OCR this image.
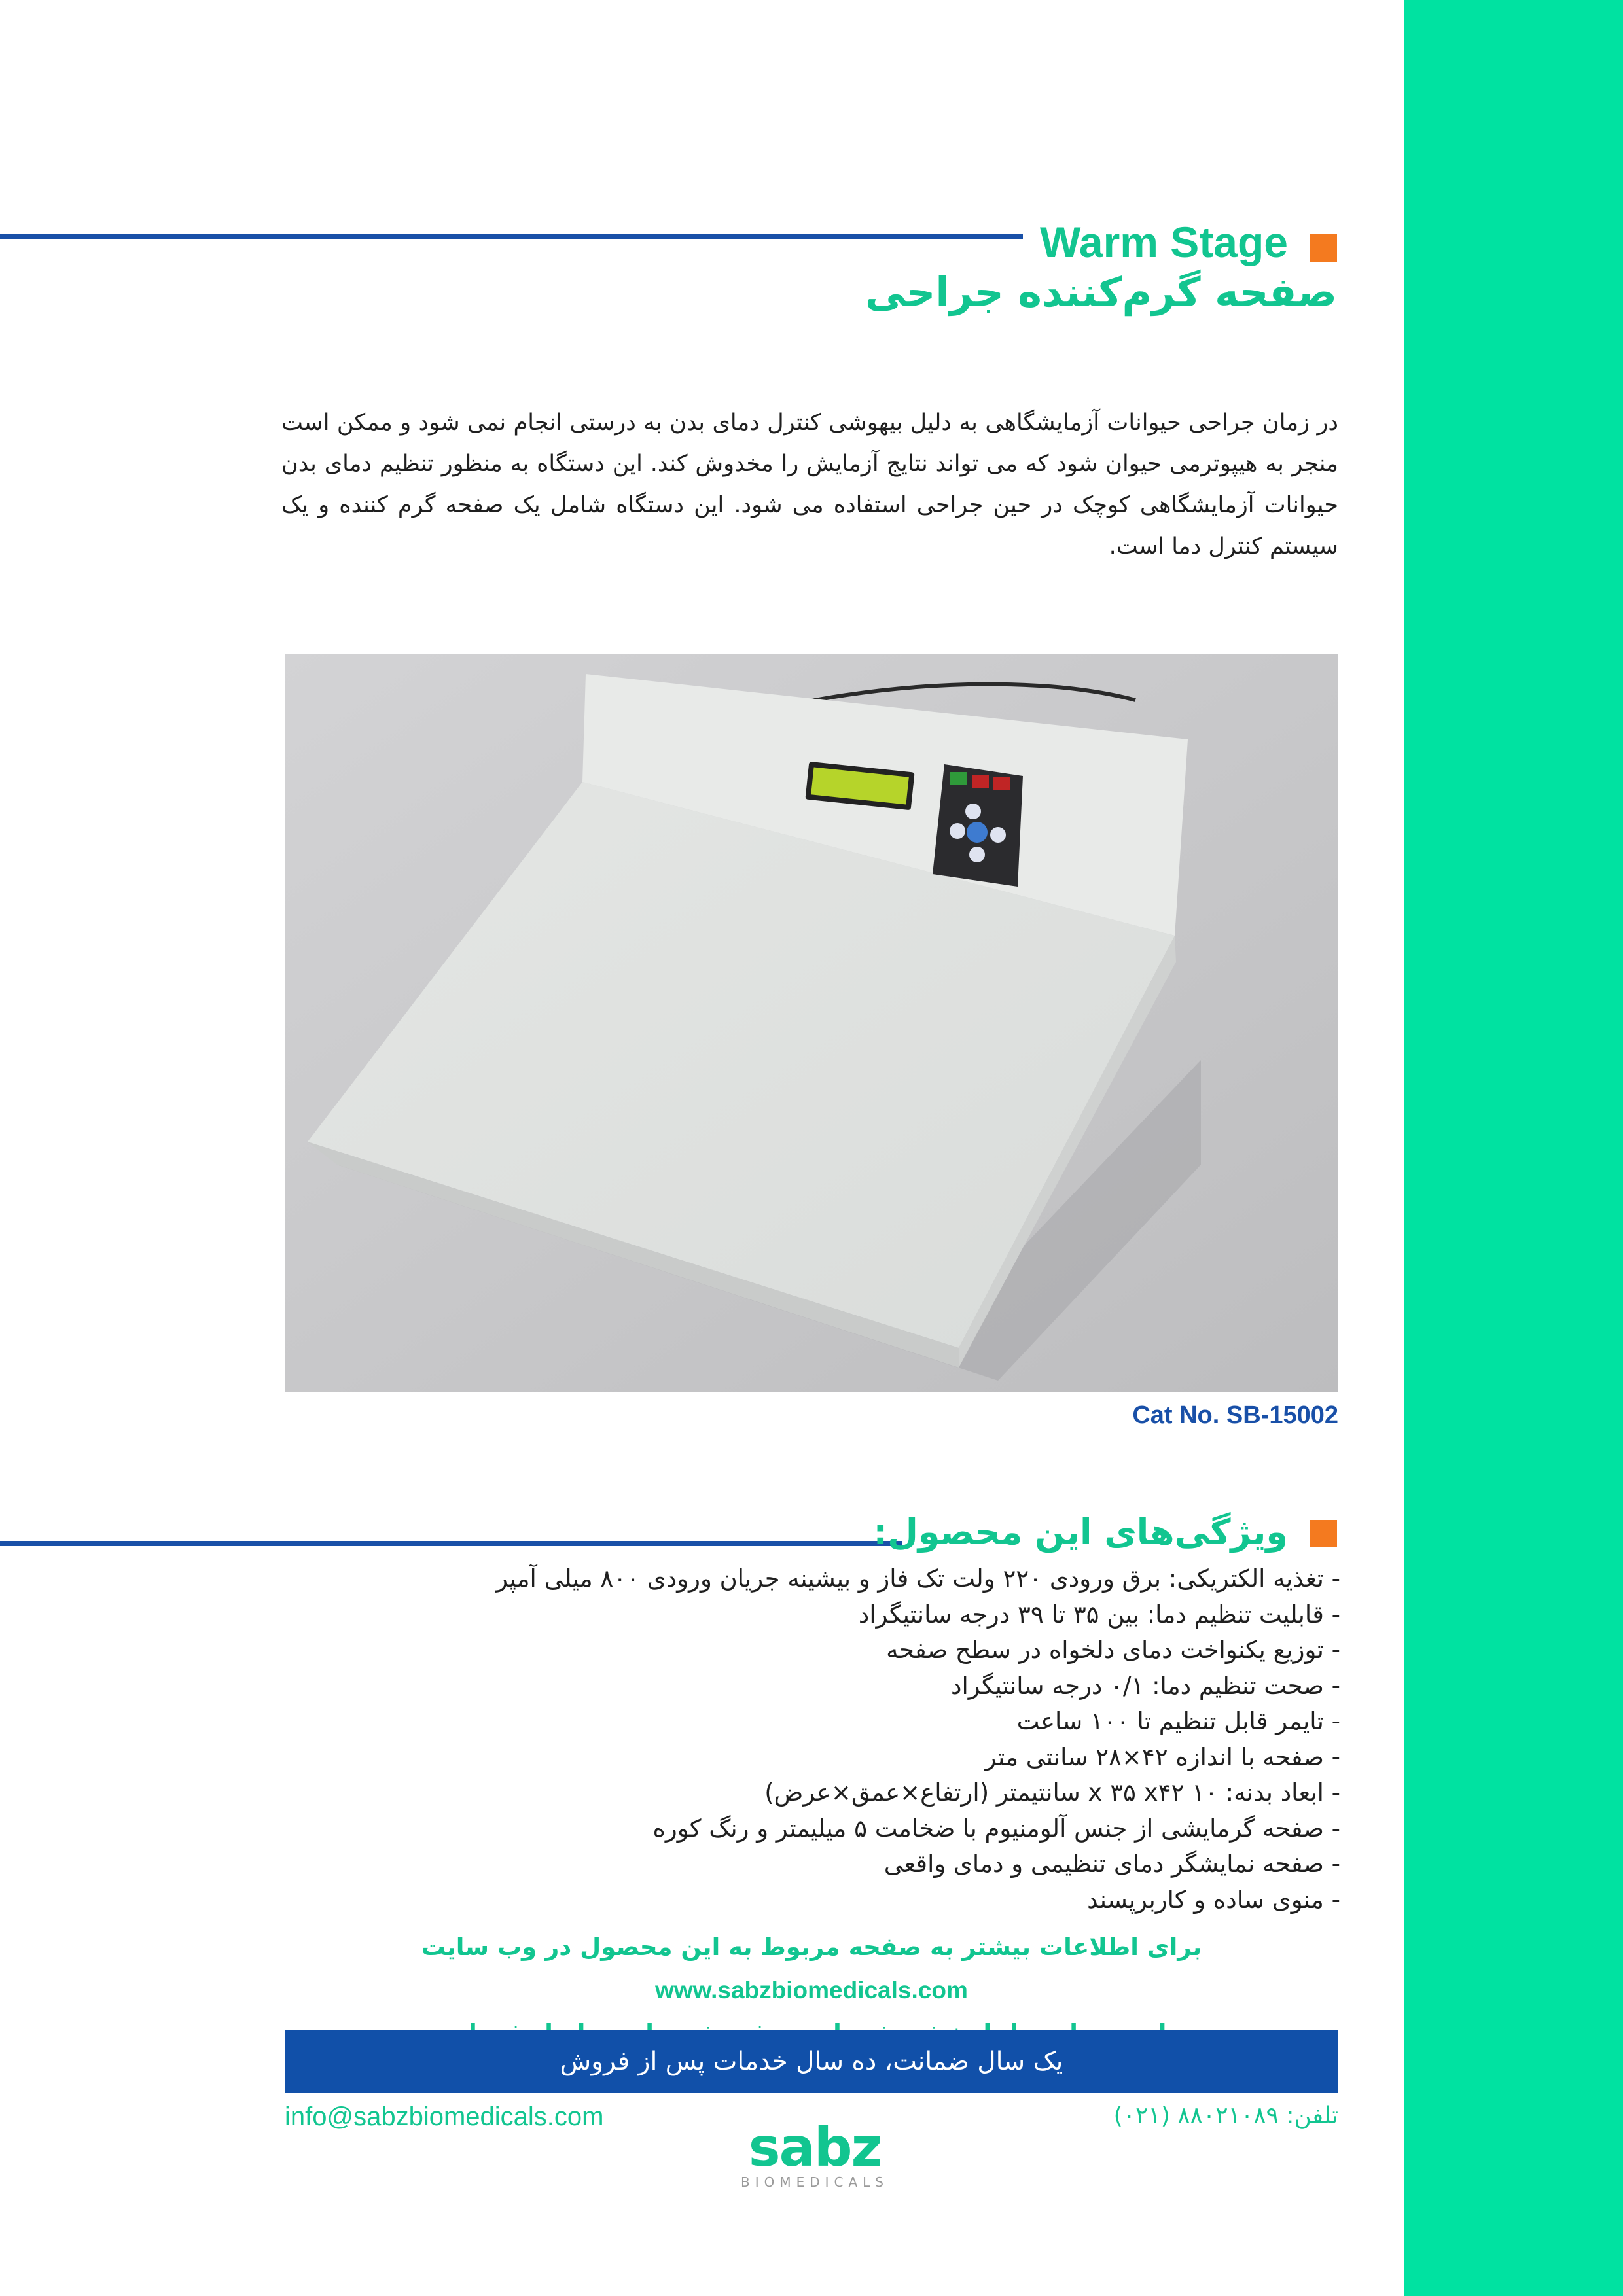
Warm Stage
صفحه گرم‌کننده جراحی

در زمان جراحی حیوانات آزمایشگاهی به دلیل بیهوشی کنترل دمای بدن به درستی انجام نمی شود و ممکن است منجر به هیپوترمی حیوان شود که می تواند نتایج آزمایش را مخدوش کند. این دستگاه به منظور تنظیم دمای بدن حیوانات آزمایشگاهی کوچک در حین جراحی استفاده می شود. این دستگاه شامل یک صفحه گرم کننده و یک سیستم کنترل دما است.

Cat No. SB-15002
ویژگی‌های این محصول:
- تغذیه الکتریکی: برق ورودی ۲۲۰ ولت تک فاز و بیشینه جریان ورودی ۸۰۰ میلی آمپر
- قابلیت تنظیم دما: بین ۳۵ تا ۳۹ درجه سانتیگراد
- توزیع یکنواخت دمای دلخواه در سطح صفحه
- صحت تنظیم دما: ۰/۱ درجه سانتیگراد
- تایمر قابل تنظیم تا ۱۰۰ ساعت
- صفحه با اندازه ۴۲×۲۸ سانتی متر
- ابعاد بدنه: ۱۰ x ۳۵ x۴۲ سانتیمتر (ارتفاع×عمق×عرض)
- صفحه گرمایشی از جنس آلومنیوم با ضخامت ۵ میلیمتر و رنگ کوره
- صفحه نمایشگر دمای تنظیمی و دمای واقعی
- منوی ساده و کاربرپسند
برای اطلاعات بیشتر به صفحه مربوط به این محصول در وب سایت www.sabzbiomedicals.com
یک سال ضمانت، ده سال خدمات پس از فروش
info@sabzbiomedicals.com	تلفن: ۸۸۰۲۱۰۸۹ (۰۲۱)
sabz
BIOMEDICALS
